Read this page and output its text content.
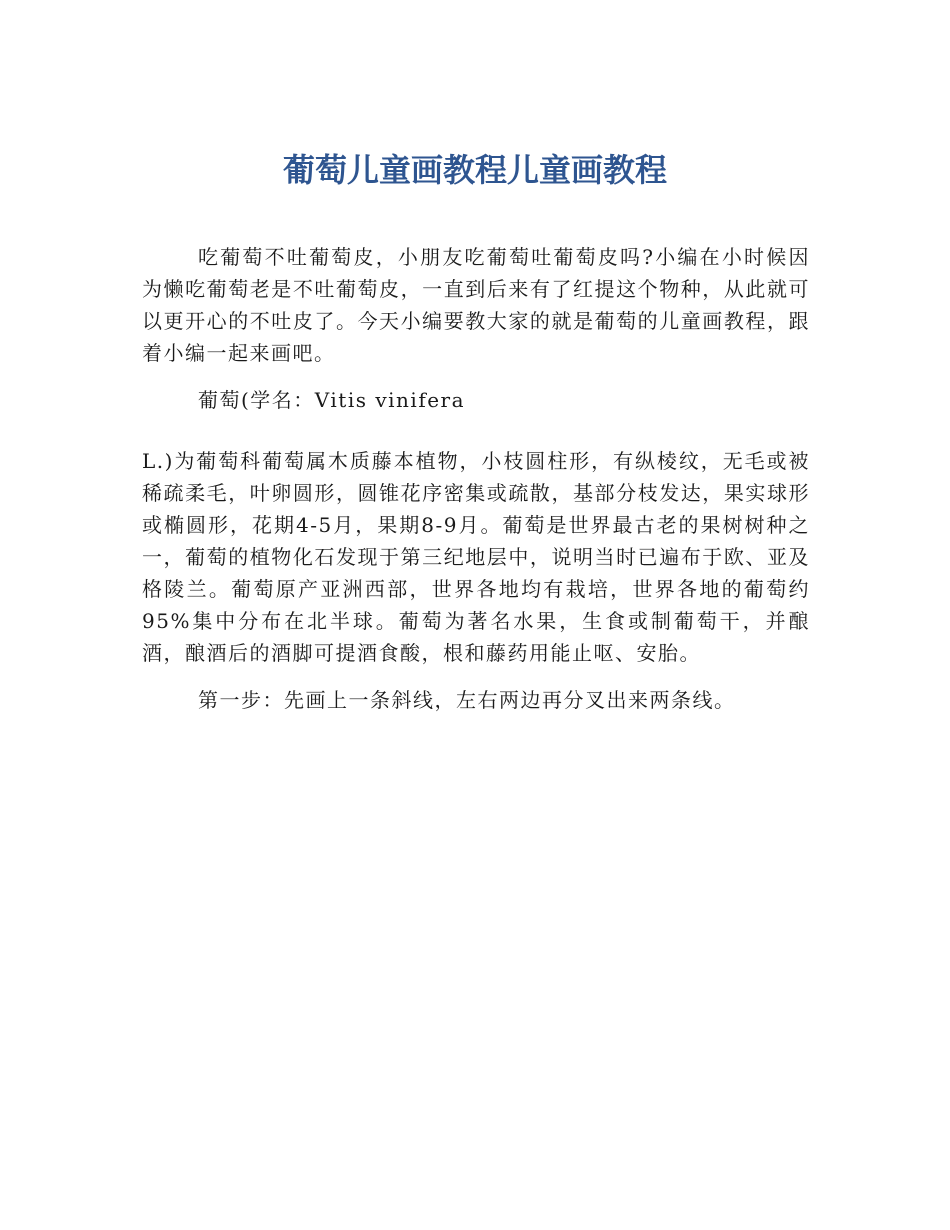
葡萄儿童画教程儿童画教程

吃葡萄不吐葡萄皮，小朋友吃葡萄吐葡萄皮吗?小编在小时候因为懒吃葡萄老是不吐葡萄皮，一直到后来有了红提这个物种，从此就可以更开心的不吐皮了。今天小编要教大家的就是葡萄的儿童画教程，跟着小编一起来画吧。

葡萄(学名：Vitis vinifera

L.)为葡萄科葡萄属木质藤本植物，小枝圆柱形，有纵棱纹，无毛或被稀疏柔毛，叶卵圆形，圆锥花序密集或疏散，基部分枝发达，果实球形或椭圆形，花期4-5月，果期8-9月。葡萄是世界最古老的果树树种之一，葡萄的植物化石发现于第三纪地层中，说明当时已遍布于欧、亚及格陵兰。葡萄原产亚洲西部，世界各地均有栽培，世界各地的葡萄约95%集中分布在北半球。葡萄为著名水果，生食或制葡萄干，并酿酒，酿酒后的酒脚可提酒食酸，根和藤药用能止呕、安胎。

第一步：先画上一条斜线，左右两边再分叉出来两条线。
